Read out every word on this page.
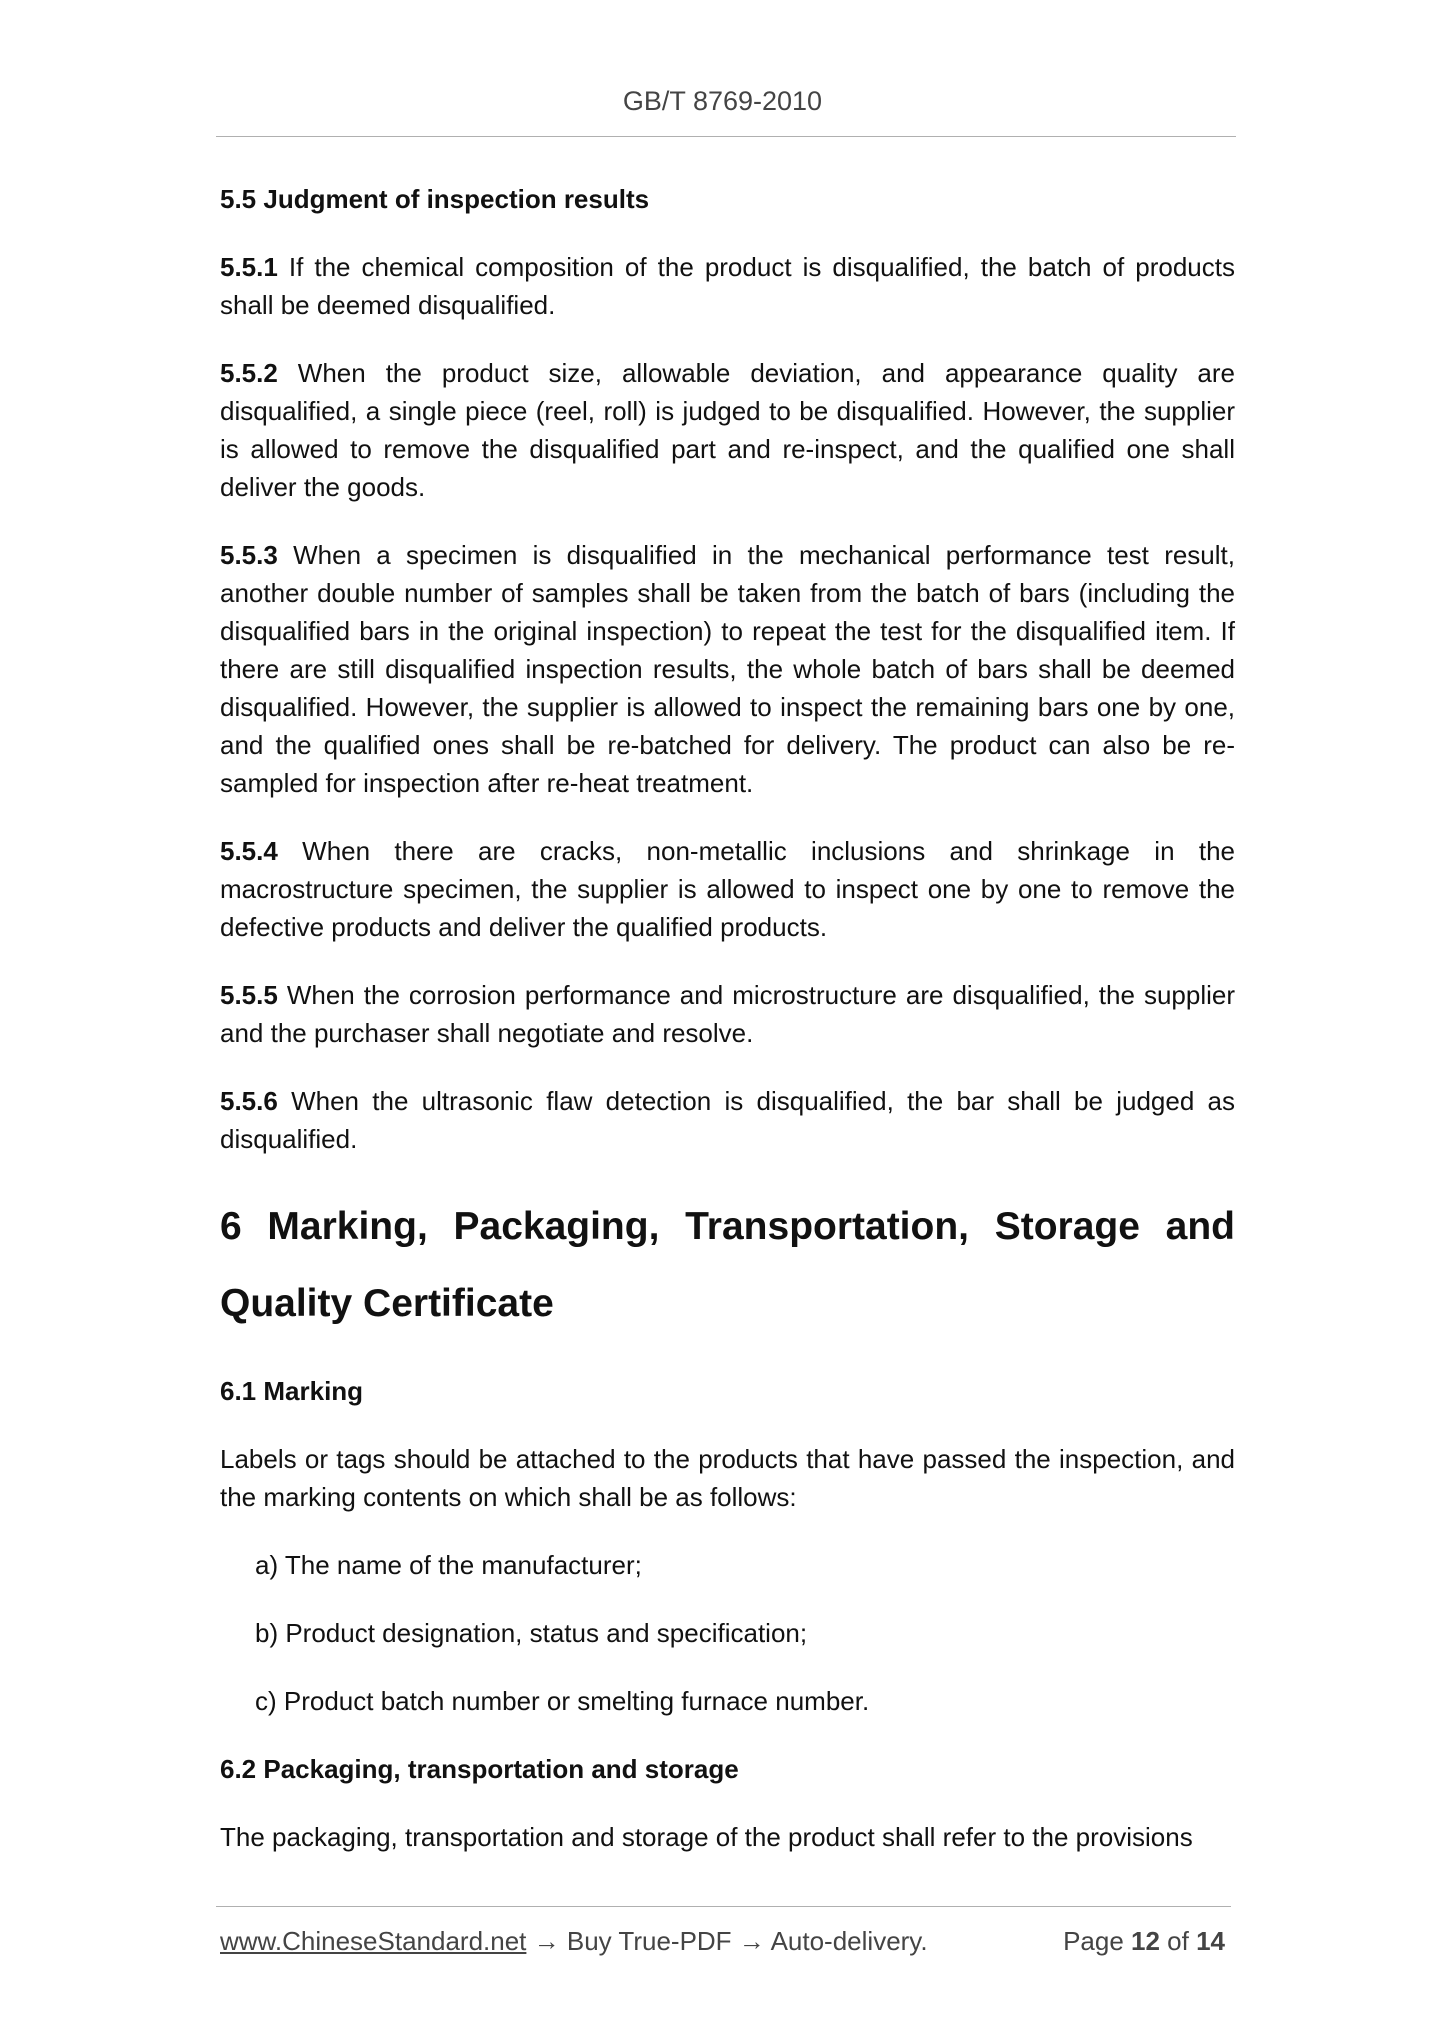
GB/T 8769-2010
5.5 Judgment of inspection results

5.5.1 If the chemical composition of the product is disqualified, the batch of products shall be deemed disqualified.

5.5.2 When the product size, allowable deviation, and appearance quality are disqualified, a single piece (reel, roll) is judged to be disqualified. However, the supplier is allowed to remove the disqualified part and re-inspect, and the qualified one shall deliver the goods.

5.5.3 When a specimen is disqualified in the mechanical performance test result, another double number of samples shall be taken from the batch of bars (including the disqualified bars in the original inspection) to repeat the test for the disqualified item. If there are still disqualified inspection results, the whole batch of bars shall be deemed disqualified. However, the supplier is allowed to inspect the remaining bars one by one, and the qualified ones shall be re-batched for delivery. The product can also be re-sampled for inspection after re-heat treatment.

5.5.4 When there are cracks, non-metallic inclusions and shrinkage in the macrostructure specimen, the supplier is allowed to inspect one by one to remove the defective products and deliver the qualified products.

5.5.5 When the corrosion performance and microstructure are disqualified, the supplier and the purchaser shall negotiate and resolve.

5.5.6 When the ultrasonic flaw detection is disqualified, the bar shall be judged as disqualified.

6 Marking, Packaging, Transportation, Storage and
Quality Certificate
6.1 Marking

Labels or tags should be attached to the products that have passed the inspection, and the marking contents on which shall be as follows:

a) The name of the manufacturer;
b) Product designation, status and specification;
c) Product batch number or smelting furnace number.
6.2 Packaging, transportation and storage

The packaging, transportation and storage of the product shall refer to the provisions

www.ChineseStandard.net → Buy True-PDF → Auto-delivery.	Page 12 of 14
